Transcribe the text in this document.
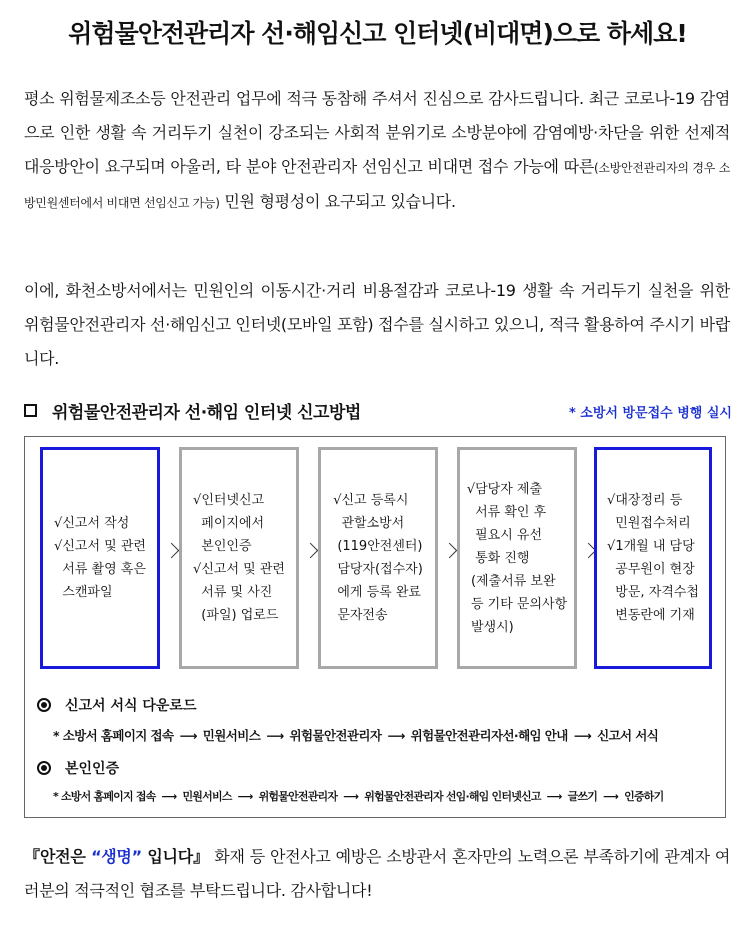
위험물안전관리자 선·해임신고 인터넷(비대면)으로 하세요!
평소 위험물제조소등 안전관리 업무에 적극 동참해 주셔서 진심으로 감사드립니다. 최근 코로나-19 감염으로 인한 생활 속 거리두기 실천이 강조되는 사회적 분위기로 소방분야에 감염예방·차단을 위한 선제적 대응방안이 요구되며 아울러, 타 분야 안전관리자 선임신고 비대면 접수 가능에 따른(소방안전관리자의 경우 소방민원센터에서 비대면 선임신고 가능) 민원 형평성이 요구되고 있습니다.
이에, 화천소방서에서는 민원인의 이동시간·거리 비용절감과 코로나-19 생활 속 거리두기 실천을 위한 위험물안전관리자 선·해임신고 인터넷(모바일 포함) 접수를 실시하고 있으니, 적극 활용하여 주시기 바랍니다.
위험물안전관리자 선·해임 인터넷 신고방법	* 소방서 방문접수 병행 실시
√신고서 작성
√신고서 및 관련
서류 촬영 혹은
스캔파일
√인터넷신고
페이지에서
본인인증
√신고서 및 관련
서류 및 사진
(파일) 업로드
√신고 등록시
관할소방서
(119안전센터)
담당자(접수자)
에게 등록 완료
문자전송
√담당자 제출
서류 확인 후
필요시 유선
통화 진행
(제출서류 보완
등 기타 문의사항
발생시)
√대장정리 등
민원접수처리
√1개월 내 담당
공무원이 현장
방문, 자격수첩
변동란에 기재
신고서 서식 다운로드
* 소방서 홈페이지 접속 ⟶ 민원서비스 ⟶ 위험물안전관리자 ⟶ 위험물안전관리자선·해임 안내 ⟶ 신고서 서식
본인인증
* 소방서 홈페이지 접속 ⟶ 민원서비스 ⟶ 위험물안전관리자 ⟶ 위험물안전관리자 선임·해임 인터넷신고 ⟶ 글쓰기 ⟶ 인증하기
『안전은 “생명” 입니다』 화재 등 안전사고 예방은 소방관서 혼자만의 노력으론 부족하기에 관계자 여러분의 적극적인 협조를 부탁드립니다. 감사합니다!
